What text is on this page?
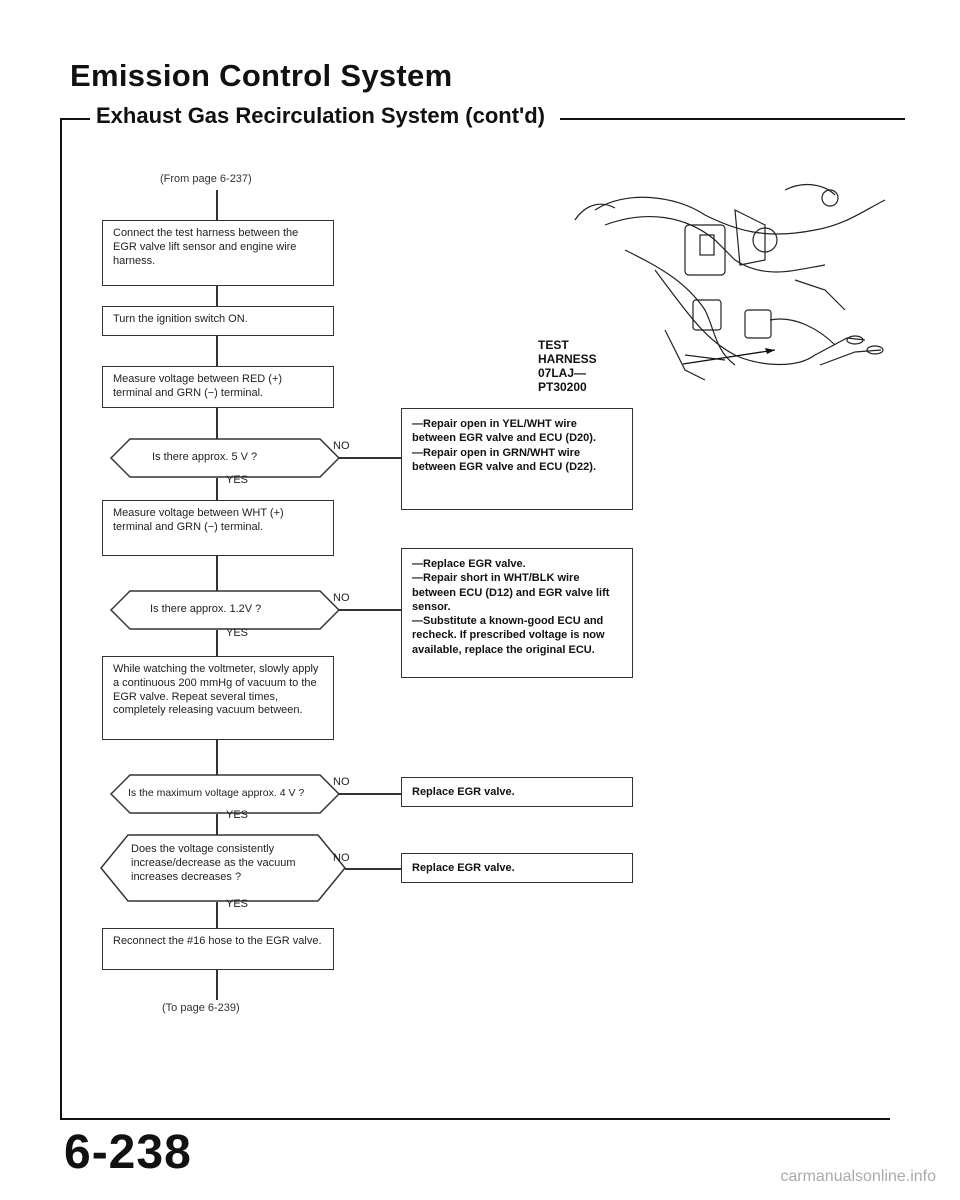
Emission Control System
Exhaust Gas Recirculation System (cont'd)
(From page 6-237)
Connect the test harness between the EGR valve lift sensor and engine wire harness.
Turn the ignition switch ON.
Measure voltage between RED (+) terminal and GRN (−) terminal.
Is there approx. 5 V ?
NO
YES
—Repair open in YEL/WHT wire between EGR valve and ECU (D20).
—Repair open in GRN/WHT wire between EGR valve and ECU (D22).
Measure voltage between WHT (+) terminal and GRN (−) terminal.
Is there approx. 1.2V ?
NO
YES
—Replace EGR valve.
—Repair short in WHT/BLK wire between ECU (D12) and EGR valve lift sensor.
—Substitute a known-good ECU and recheck. If prescribed voltage is now available, replace the original ECU.
While watching the voltmeter, slowly apply a continuous 200 mmHg of vacuum to the EGR valve. Repeat several times, completely releasing vacuum between.
Is the maximum voltage approx. 4 V ?
NO
YES
Replace EGR valve.
Does the voltage consistently increase/decrease as the vacuum increases decreases ?
NO
YES
Replace EGR valve.
Reconnect the #16 hose to the EGR valve.
(To page 6-239)
TEST
HARNESS
07LAJ—
PT30200
6-238	carmanualsonline.info
